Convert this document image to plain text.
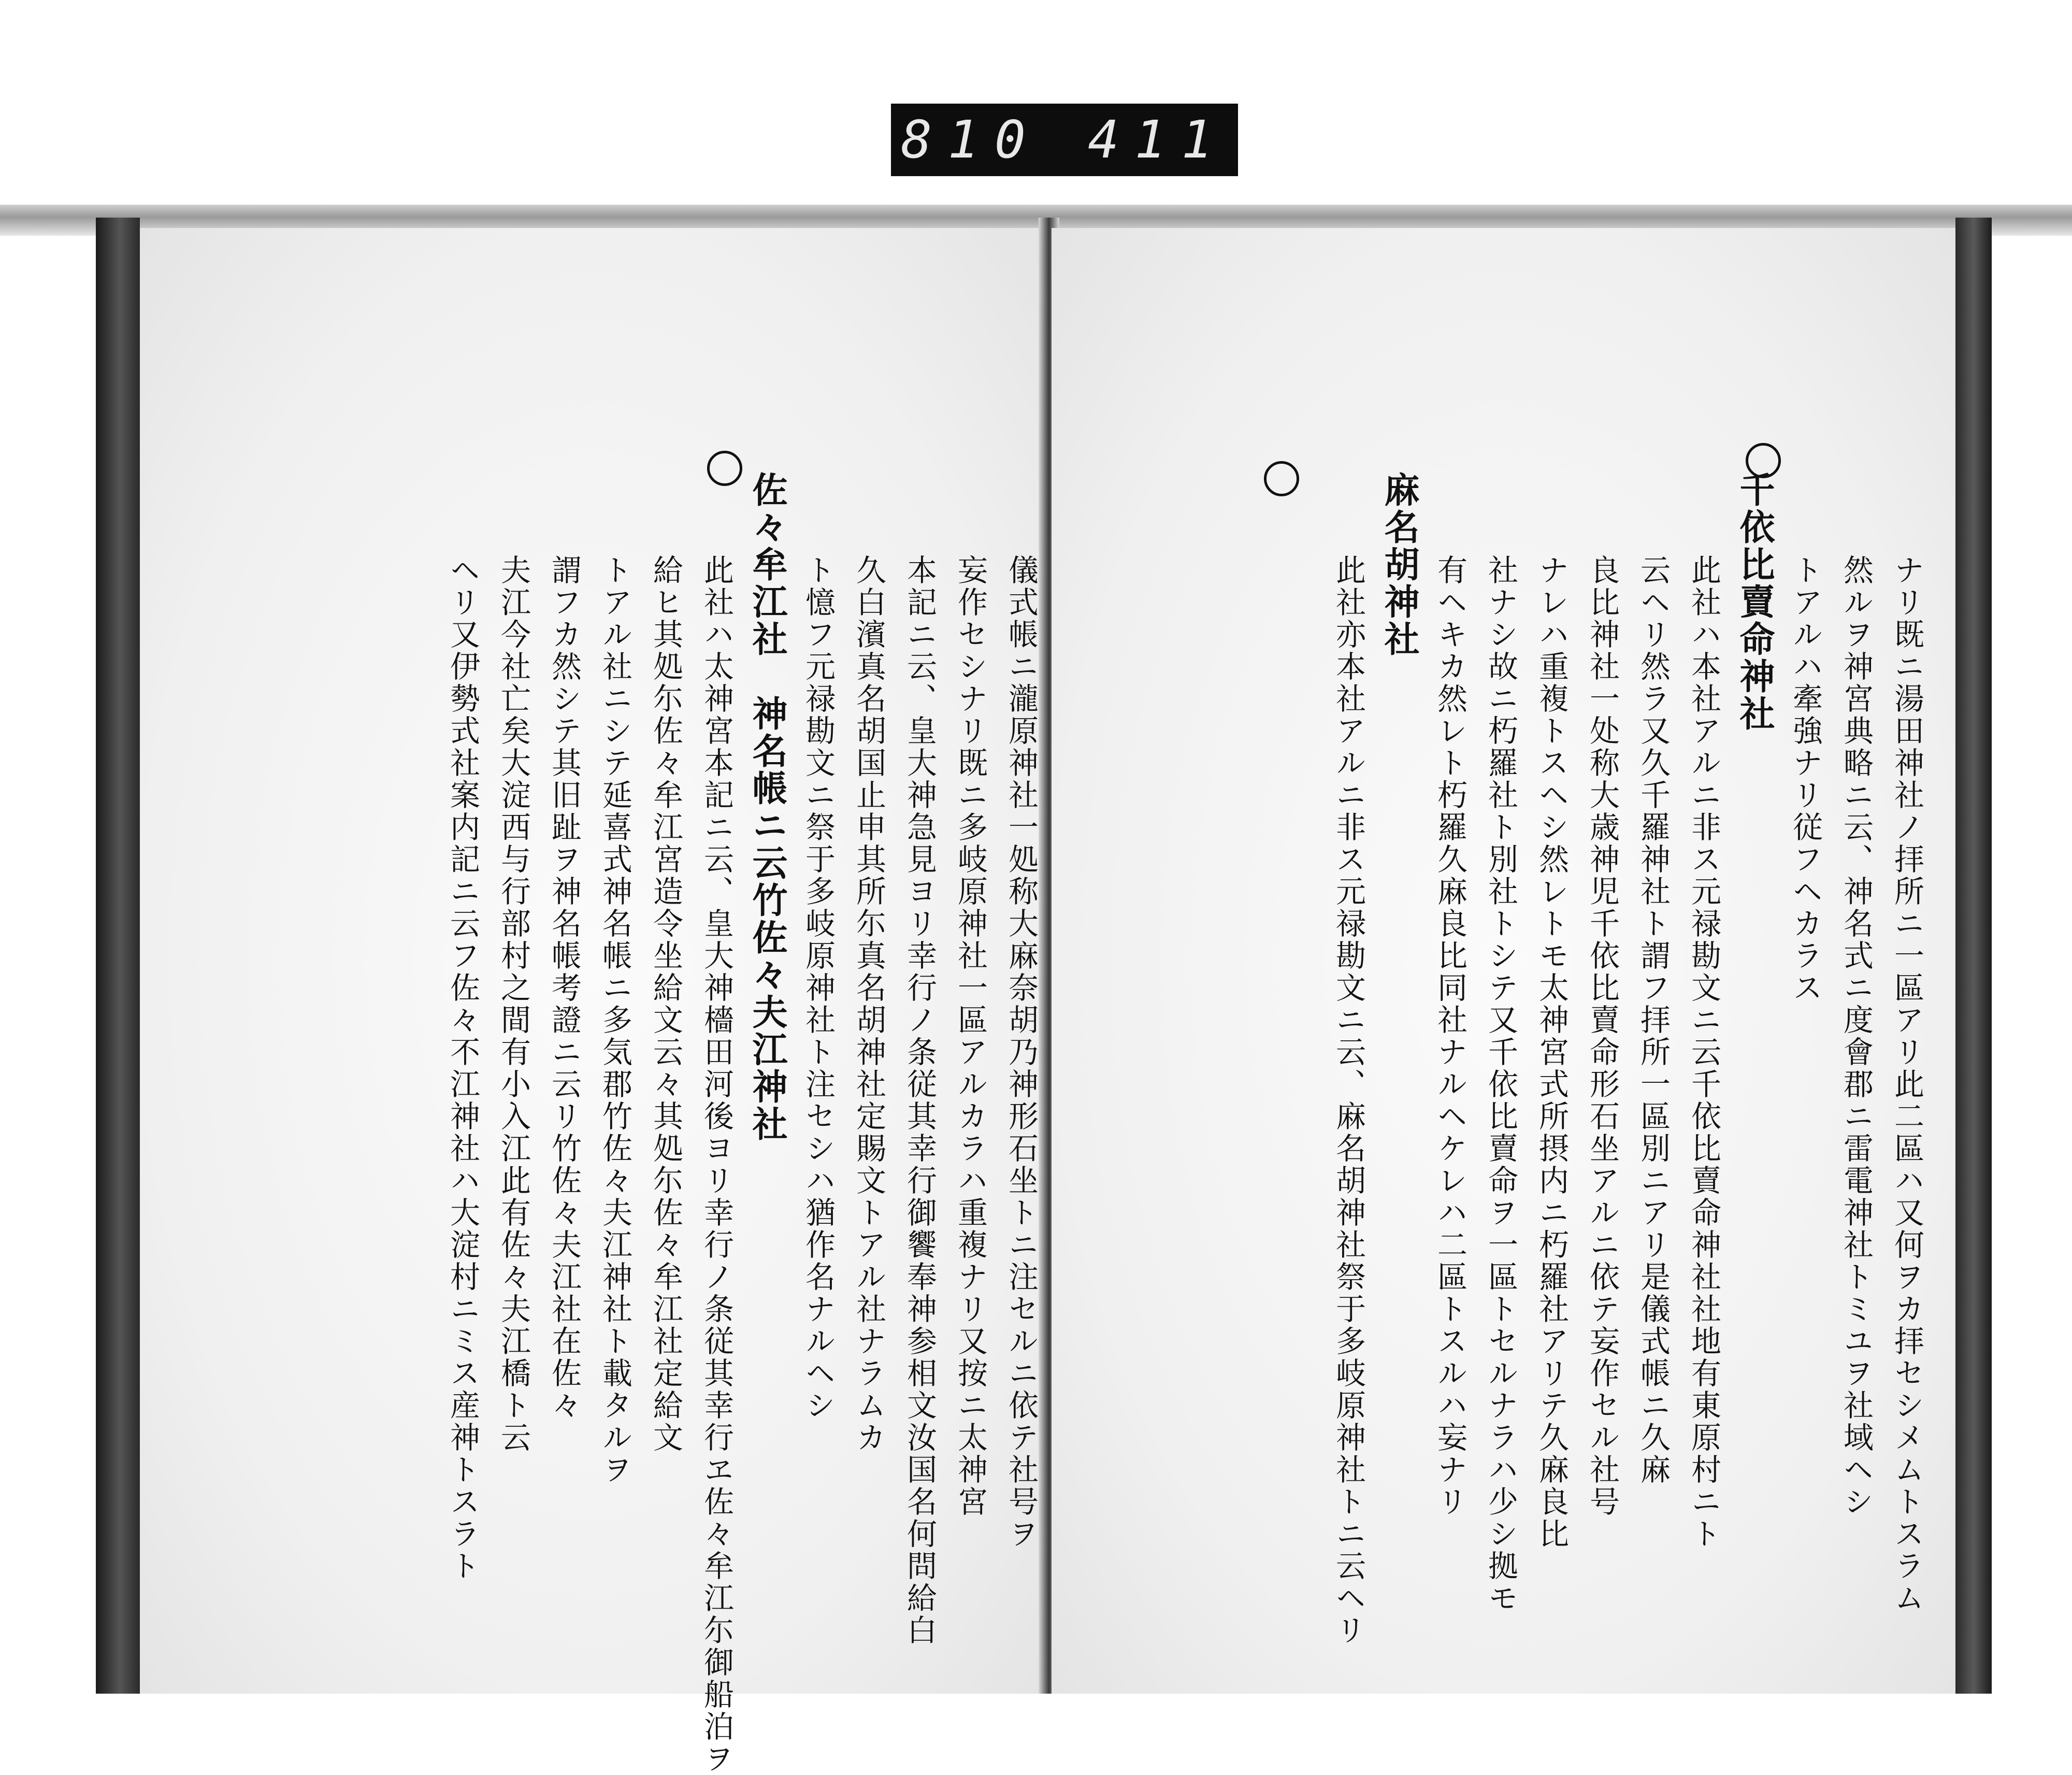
810 411

儀式帳ニ瀧原神社一処称大麻奈胡乃神形石坐トニ注セルニ依テ社号ヲ

妄作セシナリ既ニ多岐原神社一區アルカラハ重複ナリ又按ニ太神宮

本記ニ云、皇大神急見ヨリ幸行ノ条従其幸行御饗奉神参相文汝国名何問給白

久白濱真名胡国止申其所尓真名胡神社定賜文トアル社ナラムカ

ト憶フ元禄勘文ニ祭于多岐原神社ト注セシハ猶作名ナルヘシ

佐々牟江社　神名帳ニ云竹佐々夫江神社

此社ハ太神宮本記ニ云、皇大神檣田河後ヨリ幸行ノ条従其幸行ヱ佐々牟江尓御船泊ヲ

給ヒ其処尓佐々牟江宮造令坐給文云々其処尓佐々牟江社定給文

トアル社ニシテ延喜式神名帳ニ多気郡竹佐々夫江神社ト載タルヲ

謂フカ然シテ其旧趾ヲ神名帳考證ニ云リ竹佐々夫江社在佐々

夫江今社亡矣大淀西与行部村之間有小入江此有佐々夫江橋ト云

ヘリ又伊勢式社案内記ニ云フ佐々不江神社ハ大淀村ニミス産神トスラト	ナリ既ニ湯田神社ノ拝所ニ一區アリ此二區ハ又何ヲカ拝セシメムトスラム

然ルヲ神宮典略ニ云、神名式ニ度會郡ニ雷電神社トミユヲ社域ヘシ

トアルハ牽強ナリ従フヘカラス

千依比賣命神社

此社ハ本社アルニ非ス元禄勘文ニ云千依比賣命神社社地有東原村ニト

云ヘリ然ラ又久千羅神社ト謂フ拝所一區別ニアリ是儀式帳ニ久麻

良比神社一处称大歳神児千依比賣命形石坐アルニ依テ妄作セル社号

ナレハ重複トスヘシ然レトモ太神宮式所摂内ニ朽羅社アリテ久麻良比

社ナシ故ニ朽羅社ト別社トシテ又千依比賣命ヲ一區トセルナラハ少シ拠モ

有ヘキカ然レト朽羅久麻良比同社ナルヘケレハ二區トスルハ妄ナリ

麻名胡神社

此社亦本社アルニ非ス元禄勘文ニ云、麻名胡神社祭于多岐原神社トニ云ヘリ
